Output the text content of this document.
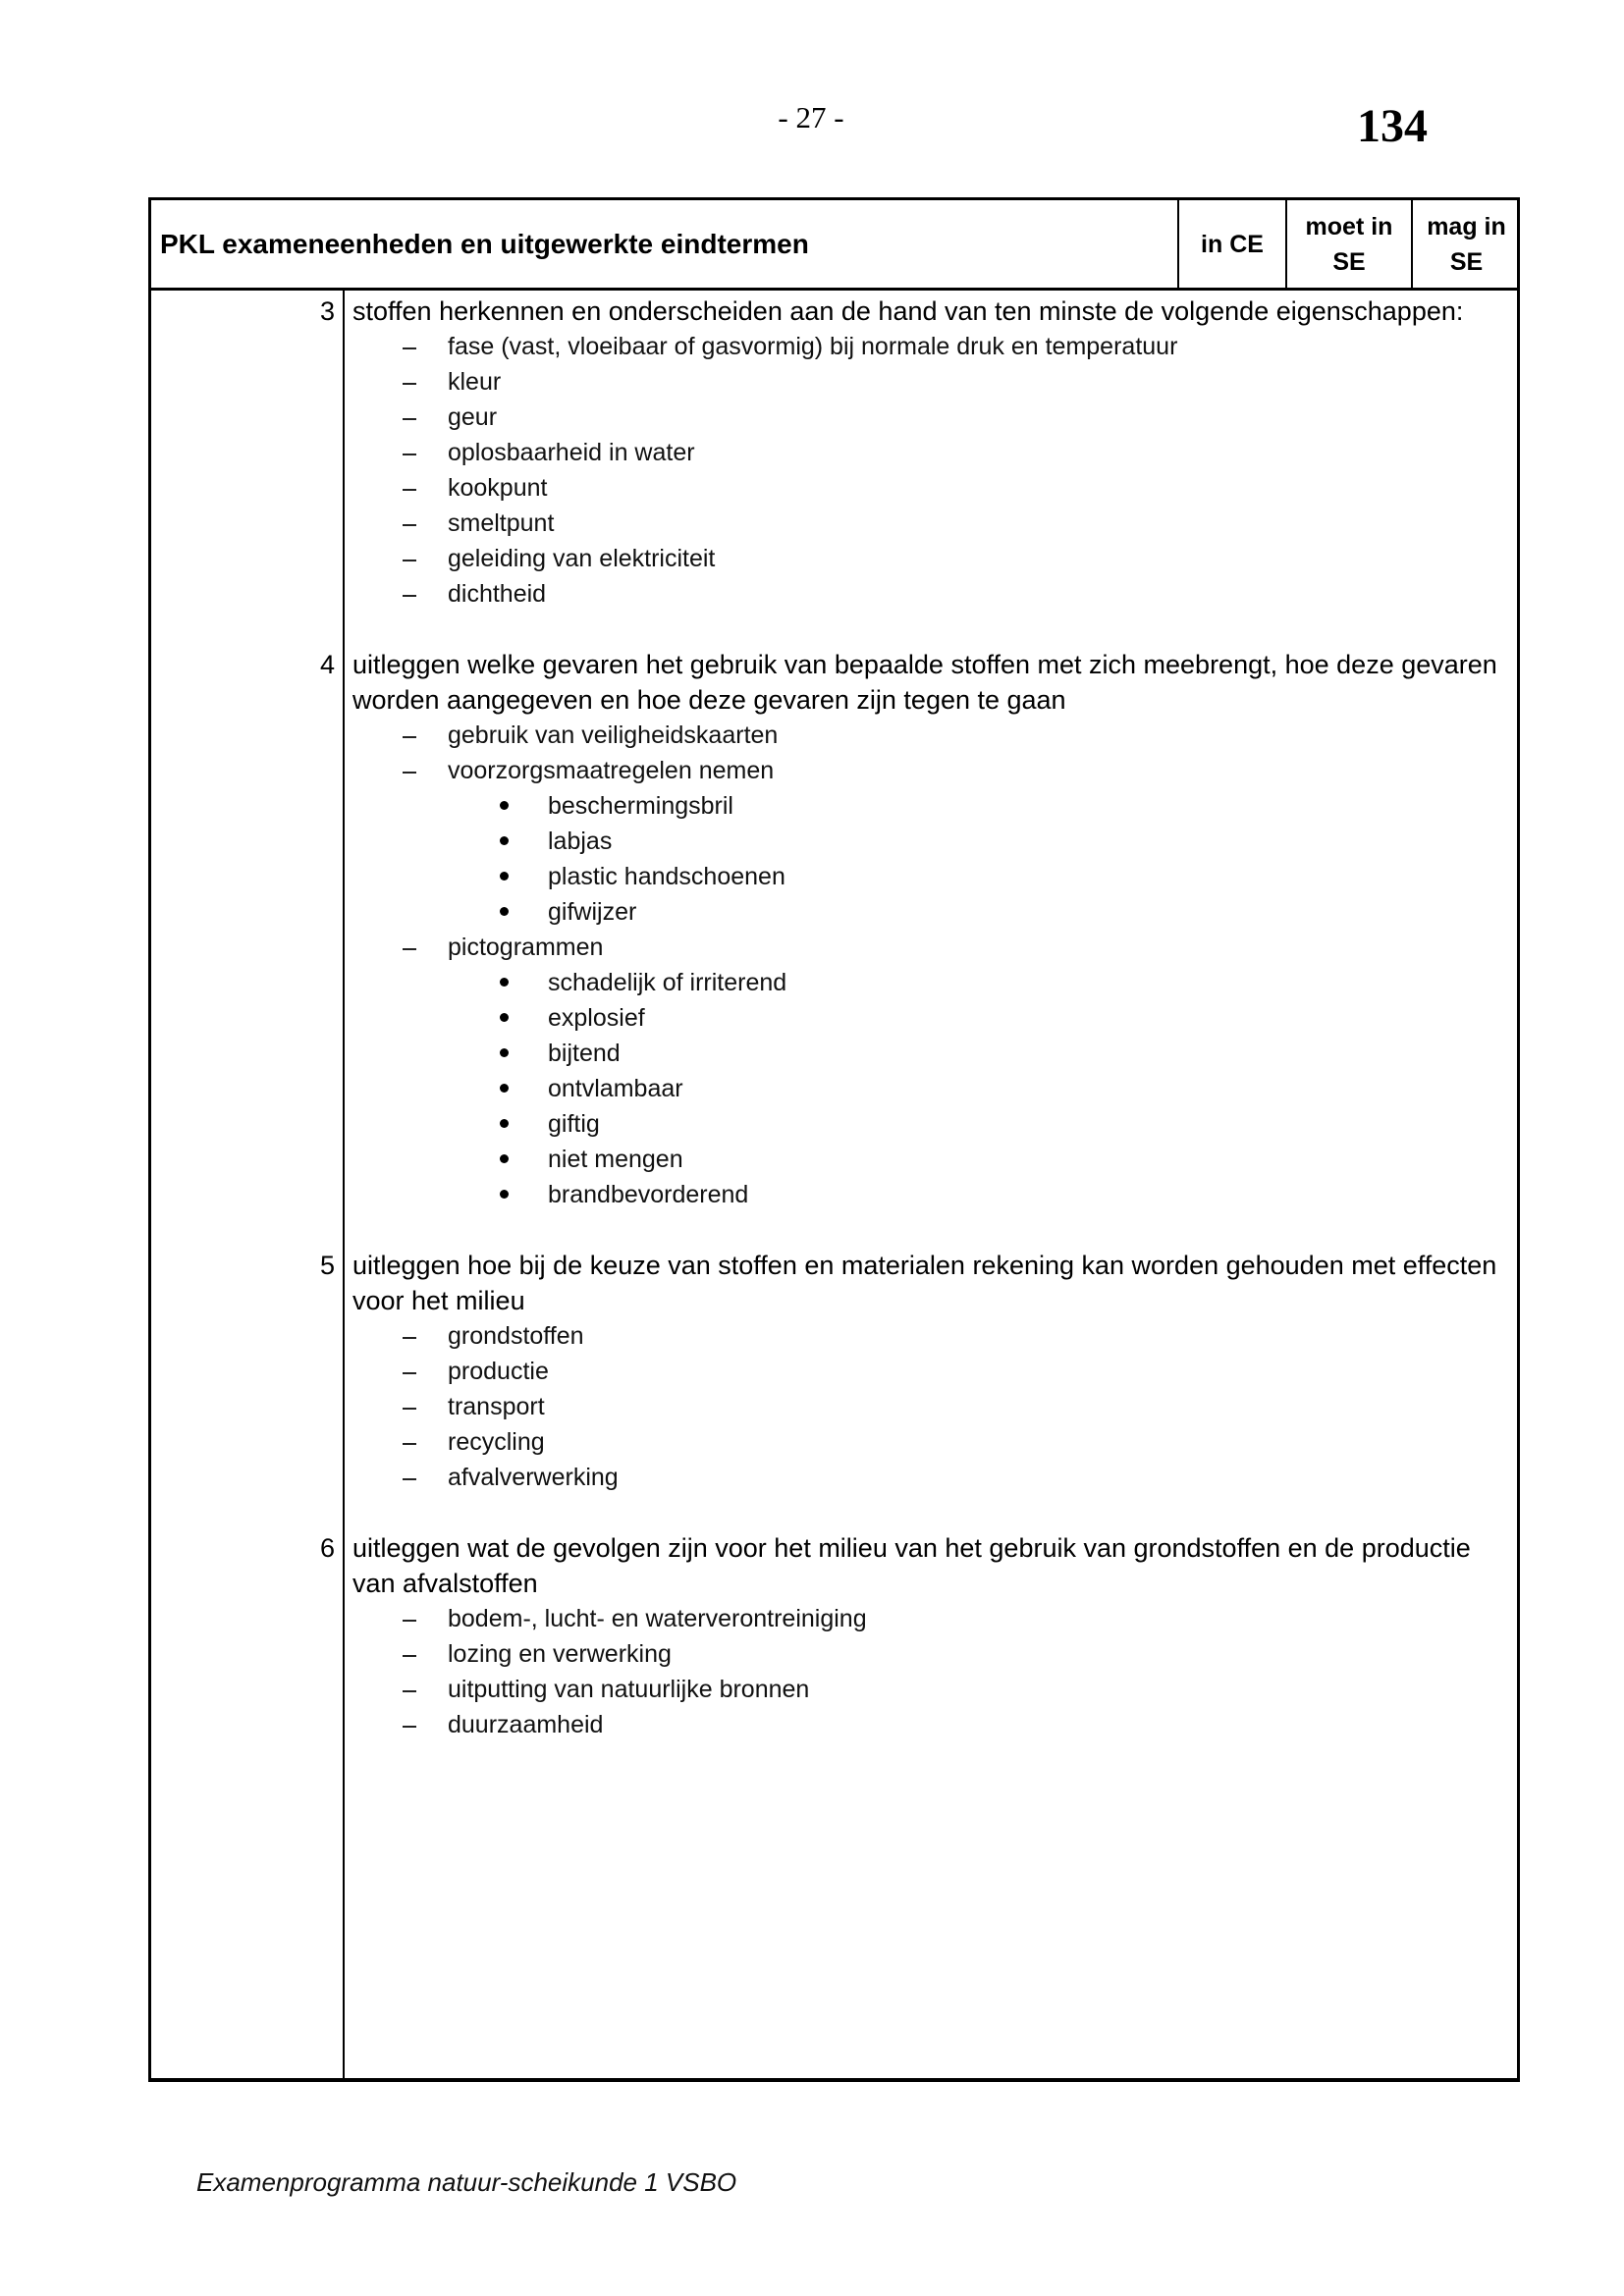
- 27 -	134
PKL exameneenheden en uitgewerkte eindtermen	in CE
moet in
SE
mag in
SE
3 stoffen herkennen en onderscheiden aan de hand van ten minste de volgende eigenschappen:
fase (vast, vloeibaar of gasvormig) bij normale druk en temperatuur
kleur
geur
oplosbaarheid in water
kookpunt
smeltpunt
geleiding van elektriciteit
dichtheid
4 uitleggen welke gevaren het gebruik van bepaalde stoffen met zich meebrengt, hoe deze gevaren worden aangegeven en hoe deze gevaren zijn tegen te gaan
gebruik van veiligheidskaarten
voorzorgsmaatregelen nemen
beschermingsbril
labjas
plastic handschoenen
gifwijzer
pictogrammen
schadelijk of irriterend
explosief
bijtend
ontvlambaar
giftig
niet mengen
brandbevorderend
5 uitleggen hoe bij de keuze van stoffen en materialen rekening kan worden gehouden met effecten voor het milieu
grondstoffen
productie
transport
recycling
afvalverwerking
6 uitleggen wat de gevolgen zijn voor het milieu van het gebruik van grondstoffen en de productie van afvalstoffen
bodem-, lucht- en waterverontreiniging
lozing en verwerking
uitputting van natuurlijke bronnen
duurzaamheid
Examenprogramma natuur-scheikunde 1 VSBO
